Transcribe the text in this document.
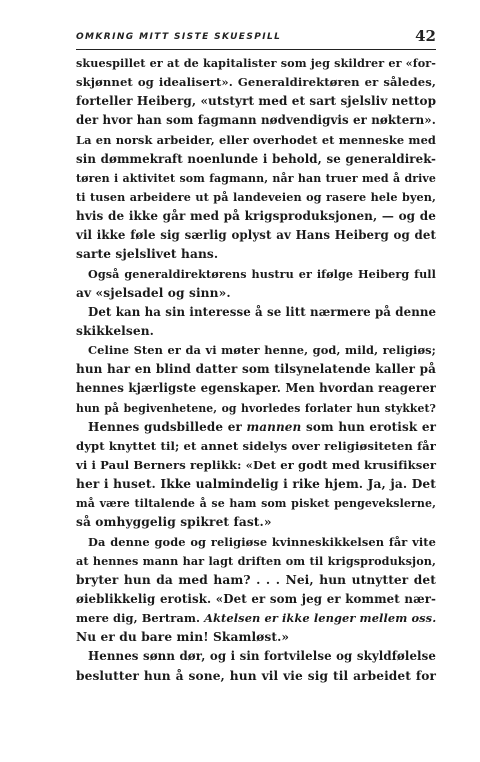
OMKRING MITT SISTE SKUESPILL	42
skuespillet er at de kapitalister som jeg skildrer er «for-
skjønnet og idealisert». Generaldirektøren er således,
forteller Heiberg, «utstyrt med et sart sjelsliv nettop
der hvor han som fagmann nødvendigvis er nøktern».
La en norsk arbeider, eller overhodet et menneske med
sin dømmekraft noenlunde i behold, se generaldirek-
tøren i aktivitet som fagmann, når han truer med å drive
ti tusen arbeidere ut på landeveien og rasere hele byen,
hvis de ikke går med på krigsproduksjonen, — og de
vil ikke føle sig særlig oplyst av Hans Heiberg og det
sarte sjelslivet hans.
Også generaldirektørens hustru er ifølge Heiberg full
av «sjelsadel og sinn».
Det kan ha sin interesse å se litt nærmere på denne
skikkelsen.
Celine Sten er da vi møter henne, god, mild, religiøs;
hun har en blind datter som tilsynelatende kaller på
hennes kjærligste egenskaper. Men hvordan reagerer
hun på begivenhetene, og hvorledes forlater hun stykket?
Hennes gudsbillede er mannen som hun erotisk er
dypt knyttet til; et annet sidelys over religiøsiteten får
vi i Paul Berners replikk: «Det er godt med krusifikser
her i huset. Ikke ualmindelig i rike hjem. Ja, ja. Det
må være tiltalende å se ham som pisket pengevekslerne,
så omhyggelig spikret fast.»
Da denne gode og religiøse kvinneskikkelsen får vite
at hennes mann har lagt driften om til krigsproduksjon,
bryter hun da med ham? . . . Nei, hun utnytter det
øieblikkelig erotisk. «Det er som jeg er kommet nær-
mere dig, Bertram. Aktelsen er ikke lenger mellem oss.
Nu er du bare min! Skamløst.»
Hennes sønn dør, og i sin fortvilelse og skyldfølelse
beslutter hun å sone, hun vil vie sig til arbeidet for
